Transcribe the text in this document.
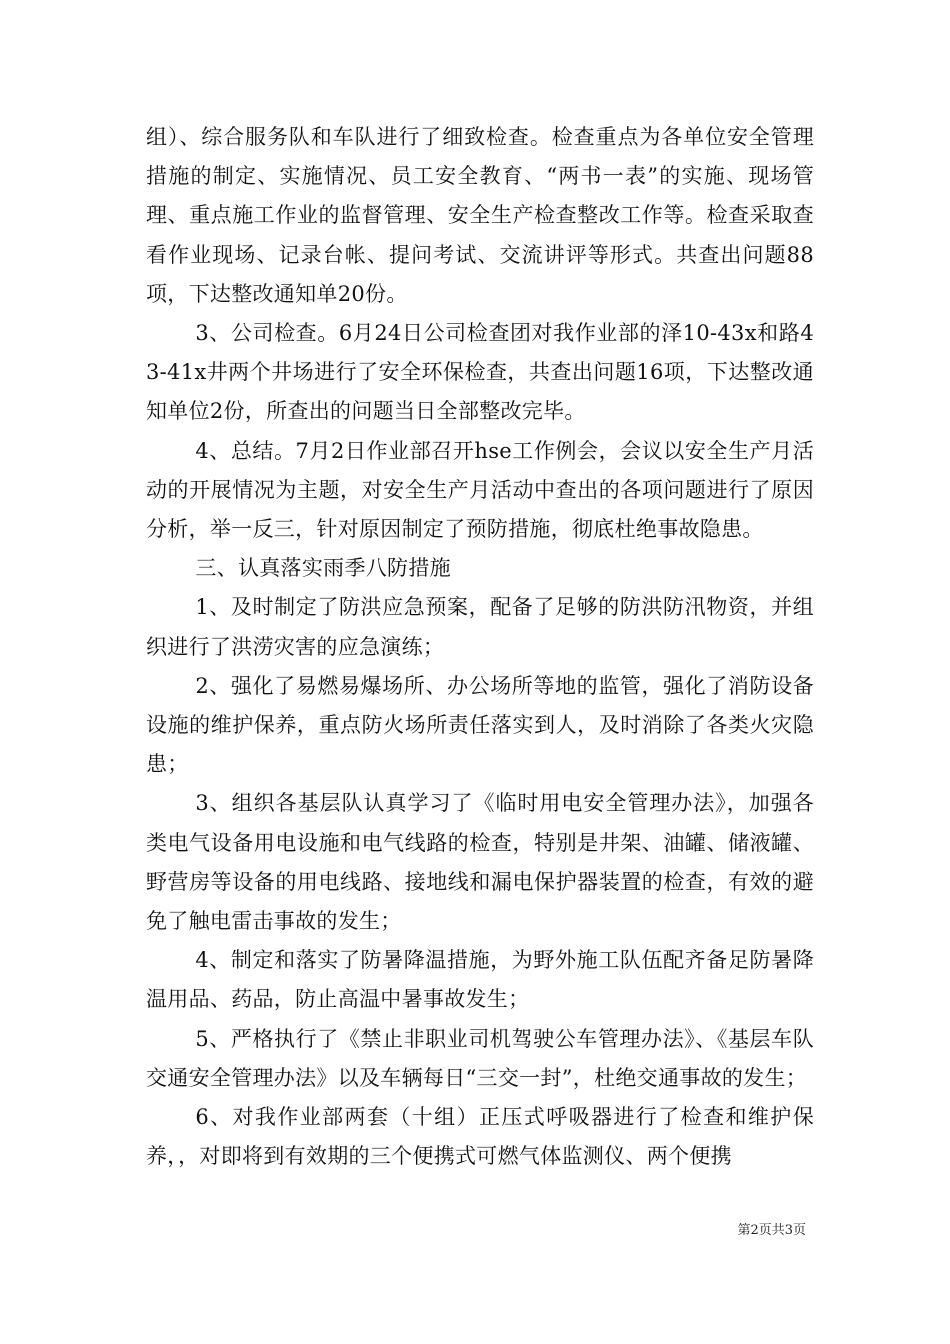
组）、综合服务队和车队进行了细致检查。检查重点为各单位安全管理措施的制定、实施情况、员工安全教育、“两书一表”的实施、现场管理、重点施工作业的监督管理、安全生产检查整改工作等。检查采取查看作业现场、记录台帐、提问考试、交流讲评等形式。共查出问题88项，下达整改通知单20份。

3、公司检查。6月24日公司检查团对我作业部的泽10-43x和路43-41x井两个井场进行了安全环保检查，共查出问题16项，下达整改通知单位2份，所查出的问题当日全部整改完毕。

4、总结。7月2日作业部召开hse工作例会，会议以安全生产月活动的开展情况为主题，对安全生产月活动中查出的各项问题进行了原因分析，举一反三，针对原因制定了预防措施，彻底杜绝事故隐患。

三、认真落实雨季八防措施

1、及时制定了防洪应急预案，配备了足够的防洪防汛物资，并组织进行了洪涝灾害的应急演练；

2、强化了易燃易爆场所、办公场所等地的监管，强化了消防设备设施的维护保养，重点防火场所责任落实到人，及时消除了各类火灾隐患；

3、组织各基层队认真学习了《临时用电安全管理办法》，加强各类电气设备用电设施和电气线路的检查，特别是井架、油罐、储液罐、野营房等设备的用电线路、接地线和漏电保护器装置的检查，有效的避免了触电雷击事故的发生；

4、制定和落实了防暑降温措施，为野外施工队伍配齐备足防暑降温用品、药品，防止高温中暑事故发生；

5、严格执行了《禁止非职业司机驾驶公车管理办法》、《基层车队交通安全管理办法》以及车辆每日“三交一封”，杜绝交通事故的发生；

6、对我作业部两套（十组）正压式呼吸器进行了检查和维护保养，，对即将到有效期的三个便携式可燃气体监测仪、两个便携

第2页共3页
